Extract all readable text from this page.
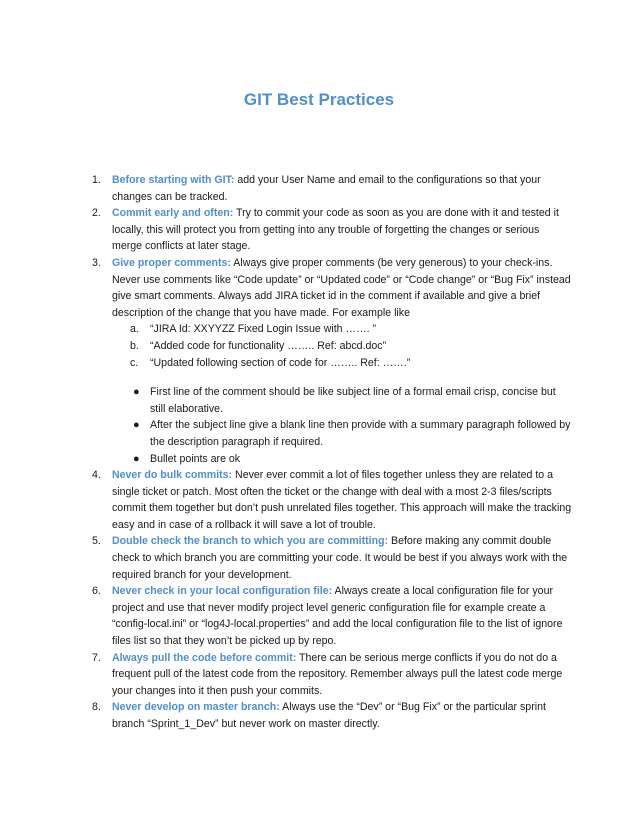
GIT Best Practices
1. Before starting with GIT: add your User Name and email to the configurations so that your changes can be tracked.
2. Commit early and often: Try to commit your code as soon as you are done with it and tested it locally, this will protect you from getting into any trouble of forgetting the changes or serious merge conflicts at later stage.
3. Give proper comments: Always give proper comments (be very generous) to your check-ins. Never use comments like “Code update” or “Updated code” or “Code change” or “Bug Fix” instead give smart comments. Always add JIRA ticket id in the comment if available and give a brief description of the change that you have made. For example like
a. “JIRA Id: XXYYZZ Fixed Login Issue with ……. ”
b. “Added code for functionality …….. Ref: abcd.doc”
c. “Updated following section of code for …….. Ref: …….”
● First line of the comment should be like subject line of a formal email crisp, concise but still elaborative.
● After the subject line give a blank line then provide with a summary paragraph followed by the description paragraph if required.
● Bullet points are ok
4. Never do bulk commits: Never ever commit a lot of files together unless they are related to a single ticket or patch. Most often the ticket or the change with deal with a most 2-3 files/scripts commit them together but don’t push unrelated files together. This approach will make the tracking easy and in case of a rollback it will save a lot of trouble.
5. Double check the branch to which you are committing: Before making any commit double check to which branch you are committing your code. It would be best if you always work with the required branch for your development.
6. Never check in your local configuration file: Always create a local configuration file for your project and use that never modify project level generic configuration file for example create a “config-local.ini” or “log4J-local.properties” and add the local configuration file to the list of ignore files list so that they won’t be picked up by repo.
7. Always pull the code before commit: There can be serious merge conflicts if you do not do a frequent pull of the latest code from the repository. Remember always pull the latest code merge your changes into it then push your commits.
8. Never develop on master branch: Always use the “Dev” or “Bug Fix” or the particular sprint branch “Sprint_1_Dev” but never work on master directly.
